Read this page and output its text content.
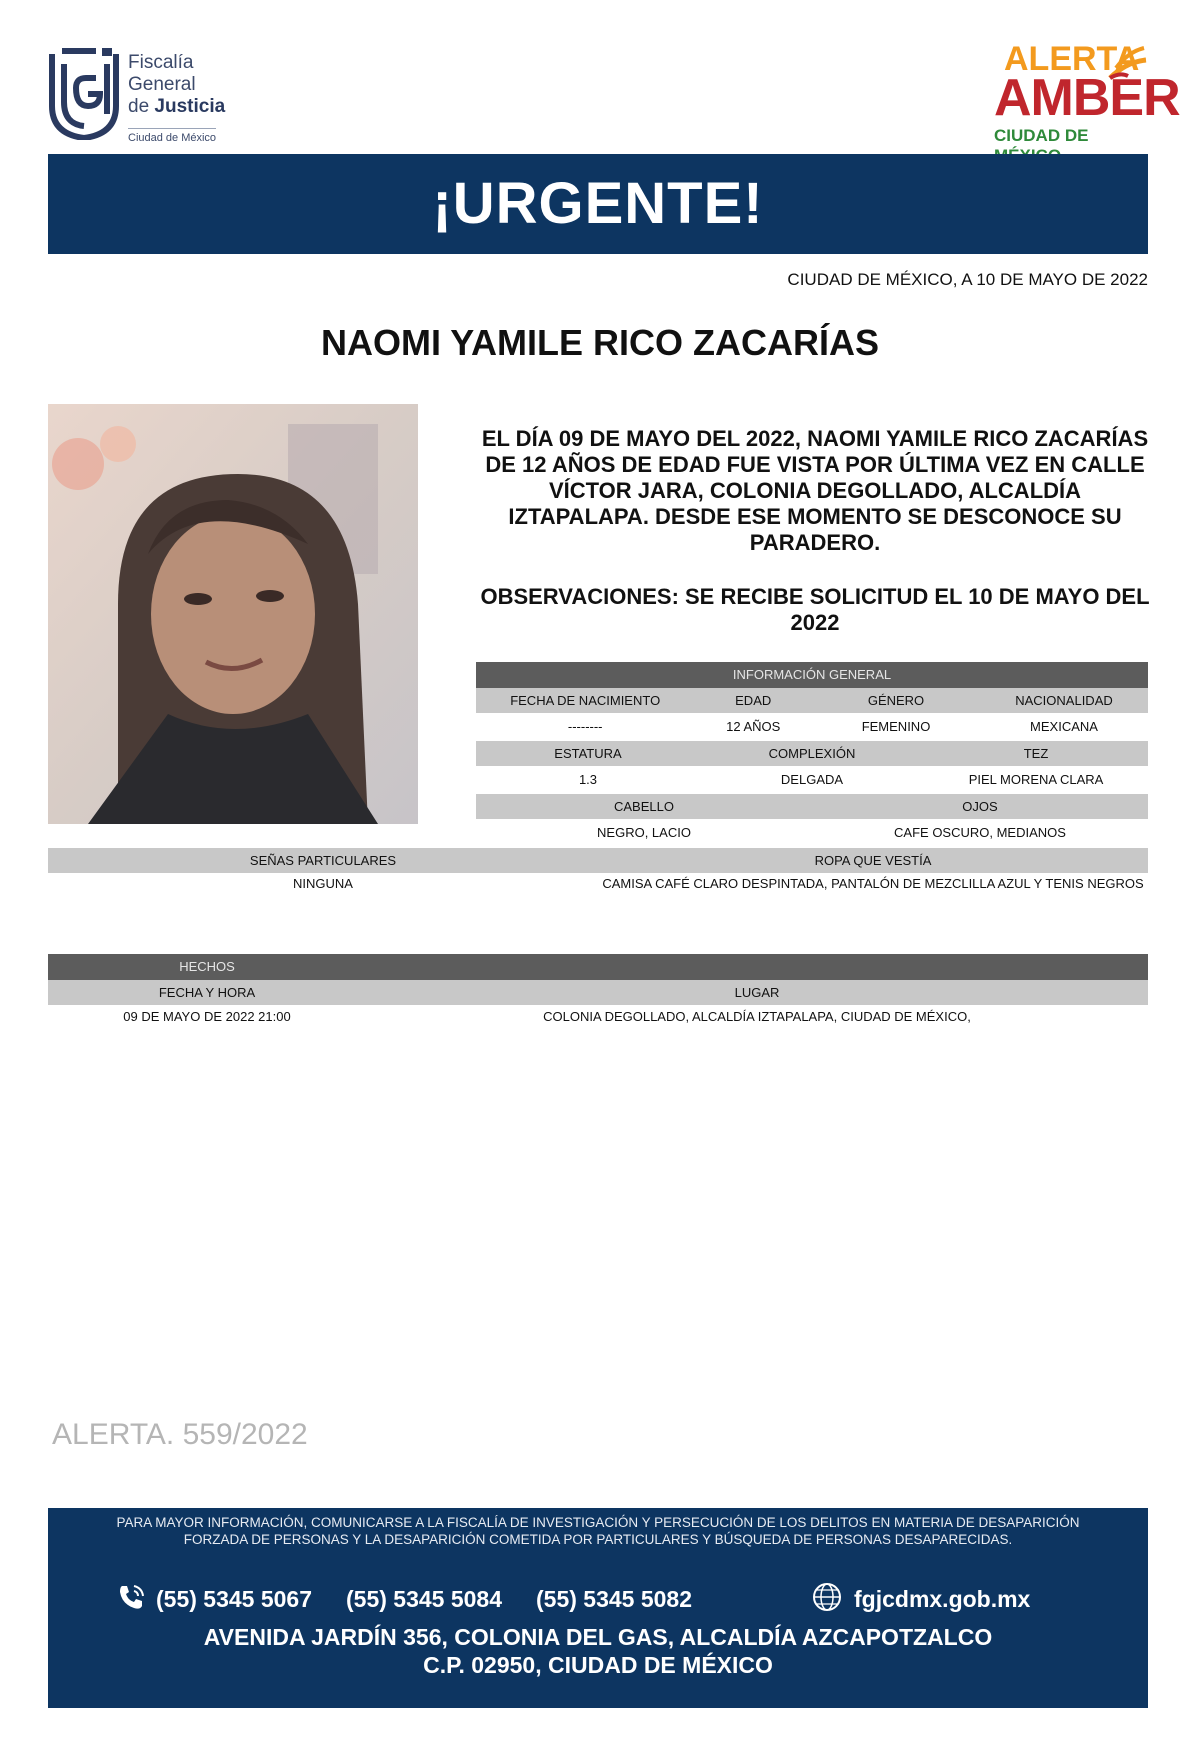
Fiscalía
General
de Justicia
Ciudad de México
ALERTA
AMBER
CIUDAD DE
¡URGENTE!
CIUDAD DE MÉXICO, A 10 DE MAYO DE 2022
NAOMI YAMILE RICO ZACARÍAS
EL DÍA 09 DE MAYO DEL 2022, NAOMI YAMILE RICO ZACARÍAS DE 12 AÑOS DE EDAD FUE VISTA POR ÚLTIMA VEZ EN CALLE VÍCTOR JARA, COLONIA DEGOLLADO, ALCALDÍA IZTAPALAPA. DESDE ESE MOMENTO SE DESCONOCE SU PARADERO.
OBSERVACIONES: SE RECIBE SOLICITUD EL 10 DE MAYO DEL 2022
INFORMACIÓN GENERAL
FECHA DE NACIMIENTO	EDAD	GÉNERO	NACIONALIDAD
--------	12 AÑOS	FEMENINO	MEXICANA
ESTATURA	COMPLEXIÓN	TEZ
1.3	DELGADA	PIEL MORENA CLARA
CABELLO	OJOS
NEGRO, LACIO	CAFE OSCURO, MEDIANOS
SEÑAS PARTICULARES	ROPA QUE VESTÍA
NINGUNA	CAMISA CAFÉ CLARO DESPINTADA, PANTALÓN DE MEZCLILLA AZUL Y TENIS NEGROS
HECHOS
FECHA Y HORA	LUGAR
09 DE MAYO DE 2022 21:00	COLONIA DEGOLLADO, ALCALDÍA IZTAPALAPA, CIUDAD DE MÉXICO,
ALERTA. 559/2022
PARA MAYOR INFORMACIÓN, COMUNICARSE A LA FISCALÍA DE INVESTIGACIÓN Y PERSECUCIÓN DE LOS DELITOS EN MATERIA DE DESAPARICIÓN
FORZADA DE PERSONAS Y LA DESAPARICIÓN COMETIDA POR PARTICULARES Y BÚSQUEDA DE PERSONAS DESAPARECIDAS.
(55) 5345 5067 (55) 5345 5084 (55) 5345 5082	fgjcdmx.gob.mx
AVENIDA JARDÍN 356, COLONIA DEL GAS, ALCALDÍA AZCAPOTZALCO
C.P. 02950, CIUDAD DE MÉXICO
